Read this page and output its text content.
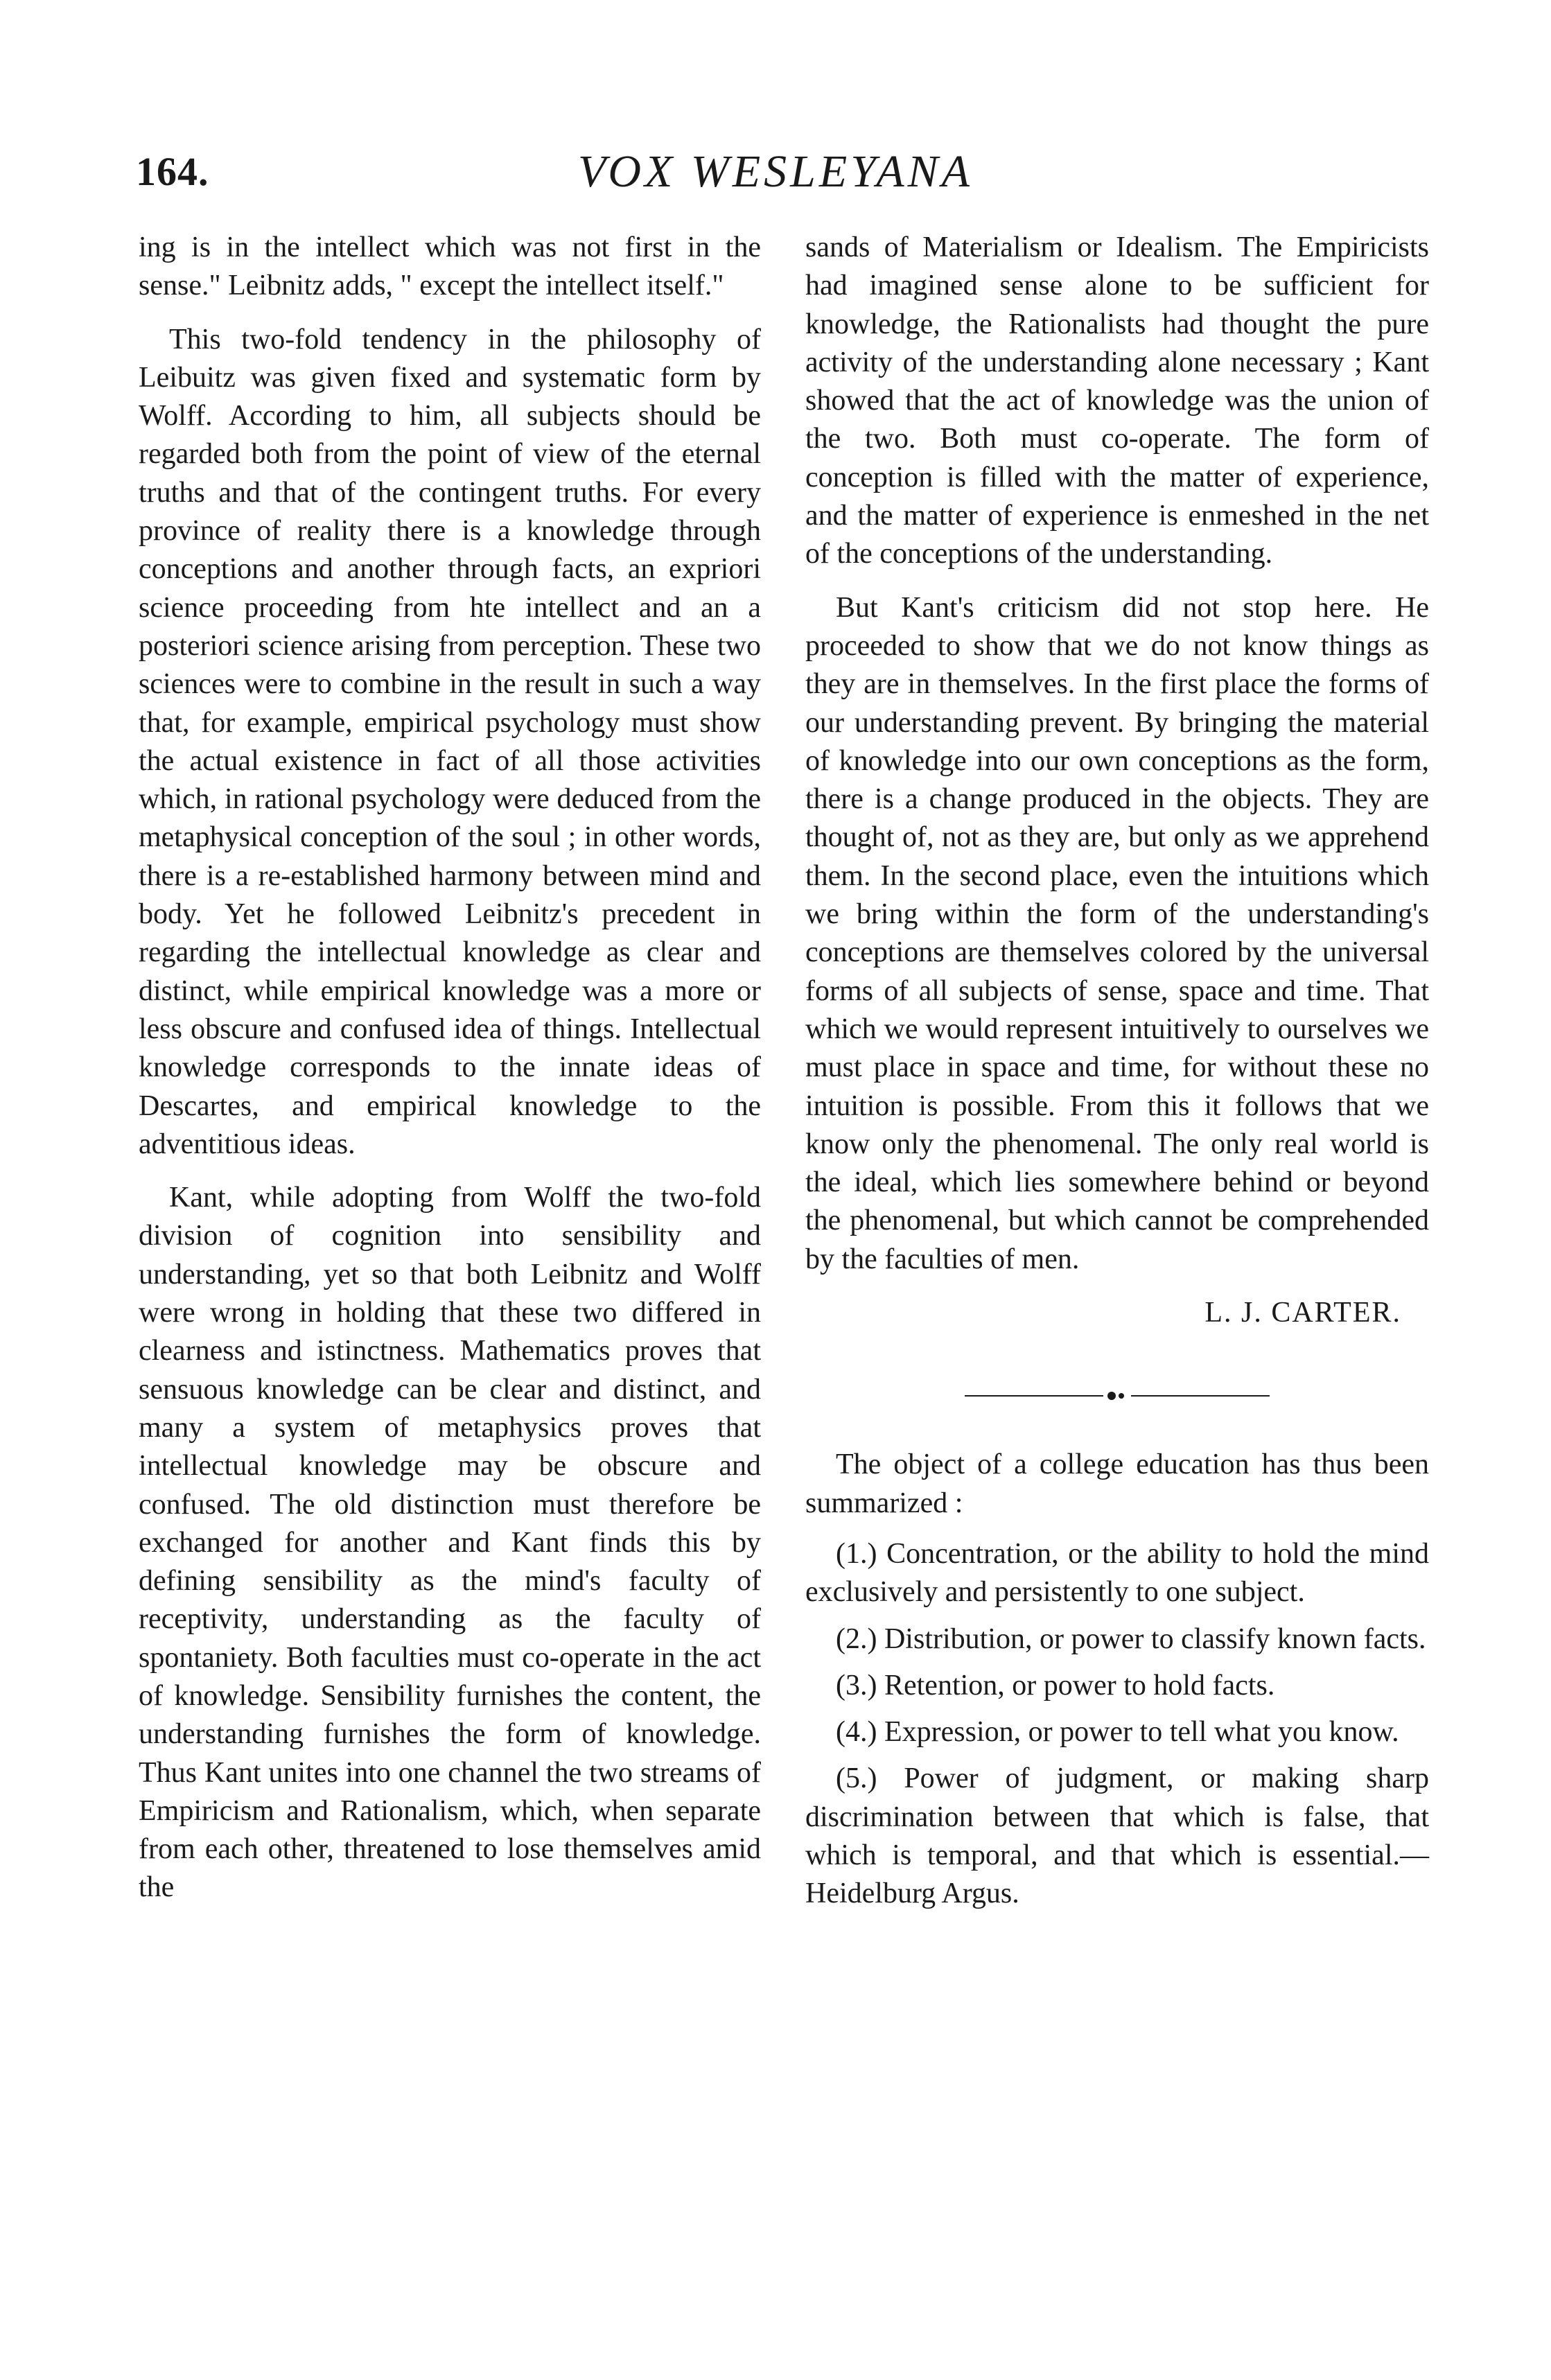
164.	VOX WESLEYANA

ing is in the intellect which was not first in the sense." Leibnitz adds, " except the intellect itself."

This two-fold tendency in the philosophy of Leibuitz was given fixed and systematic form by Wolff. According to him, all subjects should be regarded both from the point of view of the eternal truths and that of the contingent truths. For every province of reality there is a knowledge through conceptions and another through facts, an expriori science proceeding from hte intellect and an a posteriori science arising from perception. These two sciences were to combine in the result in such a way that, for example, empirical psychology must show the actual existence in fact of all those activities which, in rational psychology were deduced from the metaphysical conception of the soul ; in other words, there is a re-established harmony between mind and body. Yet he followed Leibnitz's precedent in regarding the intellectual knowledge as clear and distinct, while empirical knowledge was a more or less obscure and confused idea of things. Intellectual knowledge corresponds to the innate ideas of Descartes, and empirical knowledge to the adventitious ideas.

Kant, while adopting from Wolff the two-fold division of cognition into sensibility and understanding, yet so that both Leibnitz and Wolff were wrong in holding that these two differed in clearness and istinctness. Mathematics proves that sensuous knowledge can be clear and distinct, and many a system of metaphysics proves that intellectual knowledge may be obscure and confused. The old distinction must therefore be exchanged for another and Kant finds this by defining sensibility as the mind's faculty of receptivity, understanding as the faculty of spontaniety. Both faculties must co-operate in the act of knowledge. Sensibility furnishes the content, the understanding furnishes the form of knowledge. Thus Kant unites into one channel the two streams of Empiricism and Rationalism, which, when separate from each other, threatened to lose themselves amid the

sands of Materialism or Idealism. The Empiricists had imagined sense alone to be sufficient for knowledge, the Rationalists had thought the pure activity of the understanding alone necessary ; Kant showed that the act of knowledge was the union of the two. Both must co-operate. The form of conception is filled with the matter of experience, and the matter of experience is enmeshed in the net of the conceptions of the understanding.

But Kant's criticism did not stop here. He proceeded to show that we do not know things as they are in themselves. In the first place the forms of our understanding prevent. By bringing the material of knowledge into our own conceptions as the form, there is a change produced in the objects. They are thought of, not as they are, but only as we apprehend them. In the second place, even the intuitions which we bring within the form of the understanding's conceptions are themselves colored by the universal forms of all subjects of sense, space and time. That which we would represent intuitively to ourselves we must place in space and time, for without these no intuition is possible. From this it follows that we know only the phenomenal. The only real world is the ideal, which lies somewhere behind or beyond the phenomenal, but which cannot be comprehended by the faculties of men.

L. J. CARTER.
The object of a college education has thus been summarized :
(1.) Concentration, or the ability to hold the mind exclusively and persistently to one subject.
(2.) Distribution, or power to classify known facts.
(3.) Retention, or power to hold facts.
(4.) Expression, or power to tell what you know.
(5.) Power of judgment, or making sharp discrimination between that which is false, that which is temporal, and that which is essential.—Heidelburg Argus.
